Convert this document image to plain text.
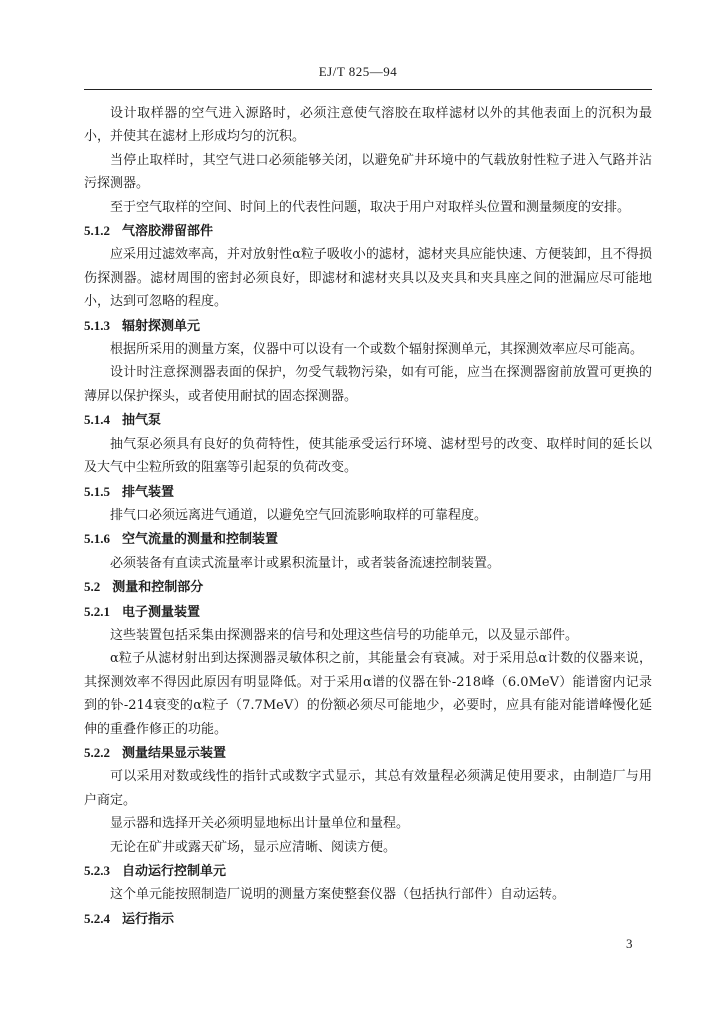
EJ/T 825—94

设计取样器的空气进入源路时，必须注意使气溶胶在取样滤材以外的其他表面上的沉积为最小，并使其在滤材上形成均匀的沉积。

当停止取样时，其空气进口必须能够关闭，以避免矿井环境中的气载放射性粒子进入气路并沾污探测器。

至于空气取样的空间、时间上的代表性问题，取决于用户对取样头位置和测量频度的安排。

5.1.2 气溶胶滞留部件

应采用过滤效率高，并对放射性α粒子吸收小的滤材，滤材夹具应能快速、方便装卸，且不得损伤探测器。滤材周围的密封必须良好，即滤材和滤材夹具以及夹具和夹具座之间的泄漏应尽可能地小，达到可忽略的程度。

5.1.3 辐射探测单元

根据所采用的测量方案，仪器中可以设有一个或数个辐射探测单元，其探测效率应尽可能高。

设计时注意探测器表面的保护，勿受气载物污染，如有可能，应当在探测器窗前放置可更换的薄屏以保护探头，或者使用耐拭的固态探测器。

5.1.4 抽气泵

抽气泵必须具有良好的负荷特性，使其能承受运行环境、滤材型号的改变、取样时间的延长以及大气中尘粒所致的阻塞等引起泵的负荷改变。

5.1.5 排气装置

排气口必须远离进气通道，以避免空气回流影响取样的可靠程度。

5.1.6 空气流量的测量和控制装置

必须装备有直读式流量率计或累积流量计，或者装备流速控制装置。

5.2 测量和控制部分

5.2.1 电子测量装置

这些装置包括采集由探测器来的信号和处理这些信号的功能单元，以及显示部件。

α粒子从滤材射出到达探测器灵敏体积之前，其能量会有衰减。对于采用总α计数的仪器来说，其探测效率不得因此原因有明显降低。对于采用α谱的仪器在钋-218峰（6.0MeV）能谱窗内记录到的钋-214衰变的α粒子（7.7MeV）的份额必须尽可能地少，必要时，应具有能对能谱峰慢化延伸的重叠作修正的功能。

5.2.2 测量结果显示装置

可以采用对数或线性的指针式或数字式显示，其总有效量程必须满足使用要求，由制造厂与用户商定。

显示器和选择开关必须明显地标出计量单位和量程。

无论在矿井或露天矿场，显示应清晰、阅读方便。

5.2.3 自动运行控制单元

这个单元能按照制造厂说明的测量方案使整套仪器（包括执行部件）自动运转。

5.2.4 运行指示

3
